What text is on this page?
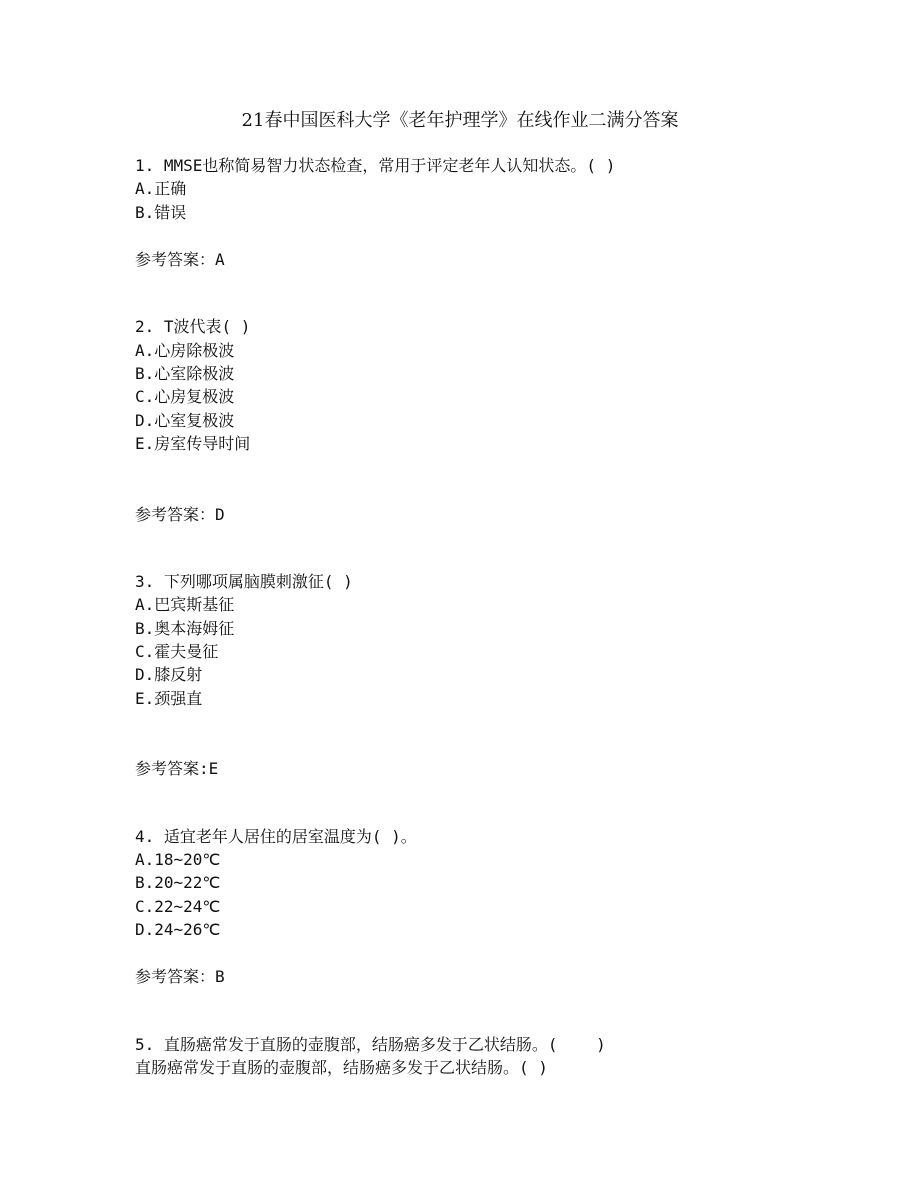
21春中国医科大学《老年护理学》在线作业二满分答案
1. MMSE也称简易智力状态检查，常用于评定老年人认知状态。( )
A.正确
B.错误
参考答案：A
2. T波代表( )
A.心房除极波
B.心室除极波
C.心房复极波
D.心室复极波
E.房室传导时间
参考答案：D
3. 下列哪项属脑膜刺激征( )
A.巴宾斯基征
B.奥本海姆征
C.霍夫曼征
D.膝反射
E.颈强直
参考答案:E
4. 适宜老年人居住的居室温度为( )。
A.18~20℃
B.20~22℃
C.22~24℃
D.24~26℃
参考答案：B
5. 直肠癌常发于直肠的壶腹部，结肠癌多发于乙状结肠。(    )
直肠癌常发于直肠的壶腹部，结肠癌多发于乙状结肠。( )
